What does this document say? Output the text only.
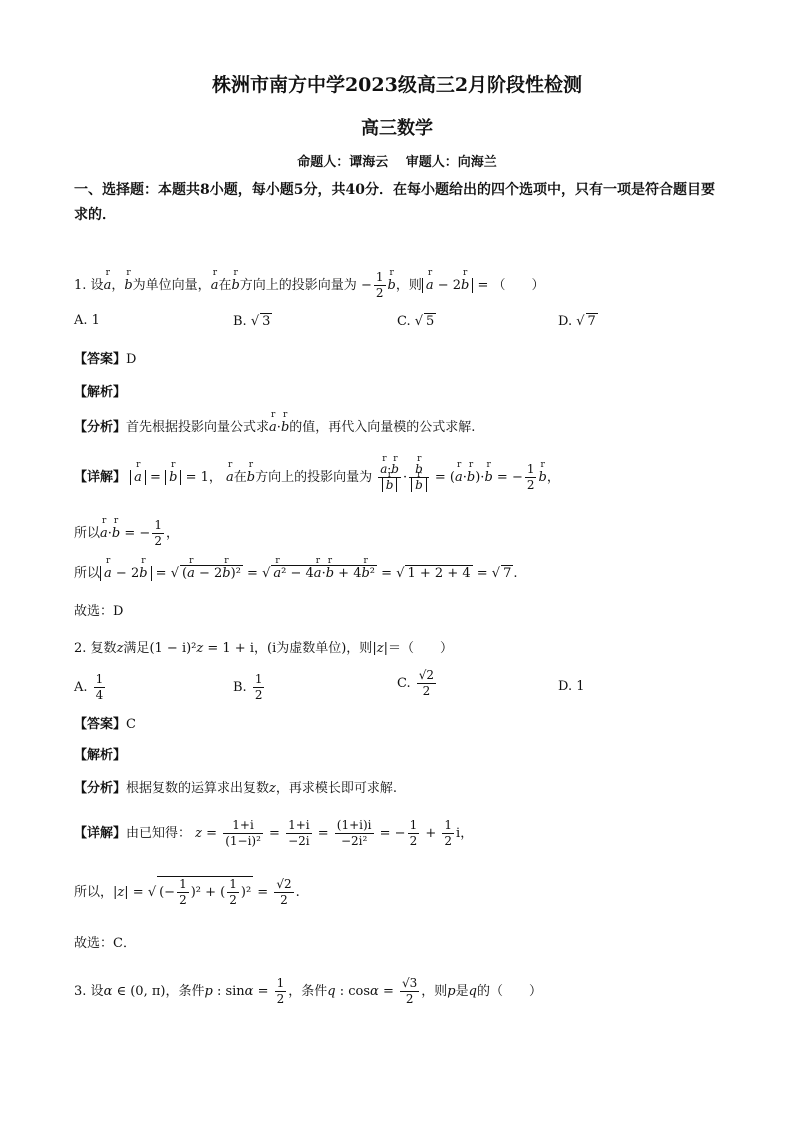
株洲市南方中学2023级高三2月阶段性检测
高三数学
命题人：谭海云　 审题人：向海兰
一、选择题：本题共8小题，每小题5分，共40分．在每小题给出的四个选项中，只有一项是符合题目要求的．
1. 设r a，r b为单位向量，r a在r b方向上的投影向量为 − $\frac{1}{2}$ r b，则 r a − 2r b = （　　）
A. 1	B. √ 3	C. √ 5	D. √ 7
【答案】D
【解析】
【分析】首先根据投影向量公式求r a·r b的值，再代入向量模的公式求解.
【详解】 r a = r b = 1， r a在r b方向上的投影向量为 r a·r b
r b · r b
r b = (r a·r b)·r b = − $\frac{1}{2}$ r b，
所以r a·r b = − $\frac{1}{2}$ ，
所以 r a − 2r b = √ (r a − 2r b)² = √ r a² − 4r a·r b + 4r b² = √ 1 + 2 + 4 = √ 7 .
故选：D
2. 复数z满足(1 − i)²z = 1 + i，(i为虚数单位)，则|z|＝（　　）
A. $\frac{1}{4}$	B. $\frac{1}{2}$	C. $\frac{√2}{2}$	D. 1
【答案】C
【解析】
【分析】根据复数的运算求出复数z，再求模长即可求解.
【详解】由已知得： $z = \frac{1+i}{\text{(1−i)²}} = \frac{1+i}{-2i} = \frac{(1+i)i}{\text{−2i²}}$ = − $\frac{1}{2} + \frac{1}{2}$ i，
所以，|z| = √ (− $\frac{1}{2} )^2$ + ( $\frac{1}{2} )^2 = \frac{√2}{2}$ .
故选：C．
3. 设α ∈ (0, π)，条件p : $\sin\alpha = \frac{1}{2}$ ，条件q : $\cos\alpha = \frac{√3}{2}$ ，则p是q的（　　）
